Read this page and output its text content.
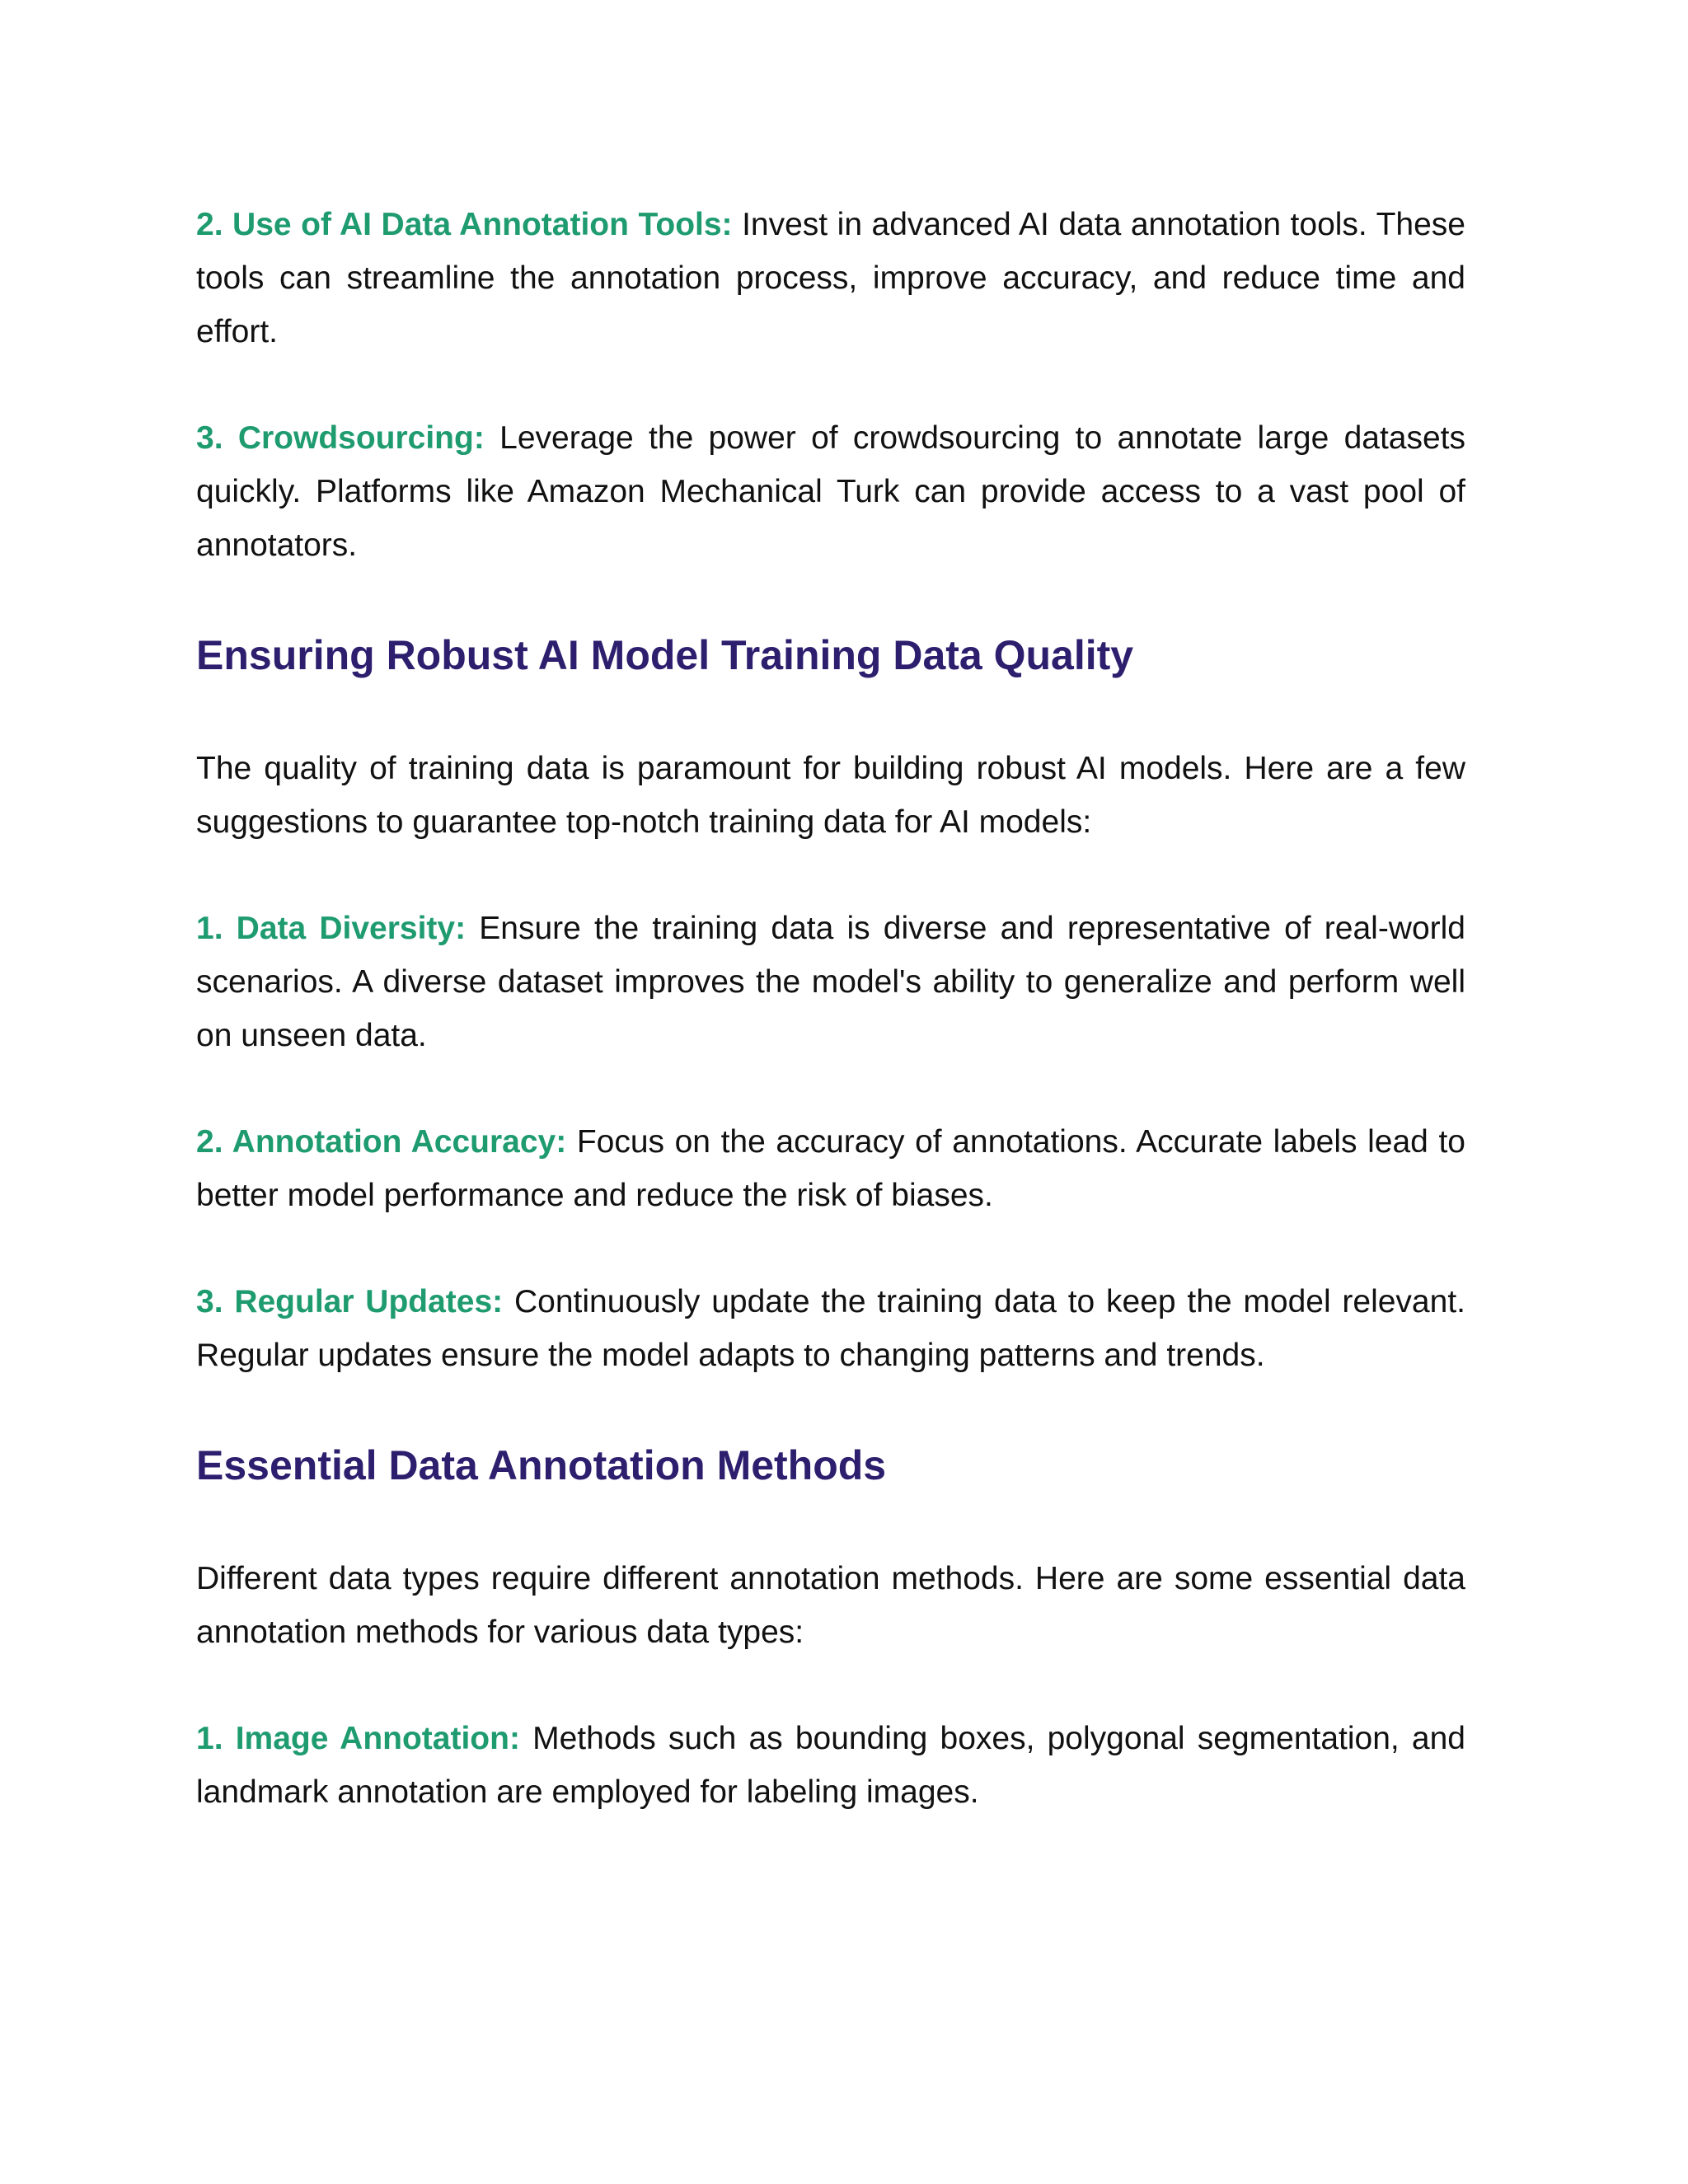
2. Use of AI Data Annotation Tools: Invest in advanced AI data annotation tools. These tools can streamline the annotation process, improve accuracy, and reduce time and effort.

3. Crowdsourcing: Leverage the power of crowdsourcing to annotate large datasets quickly. Platforms like Amazon Mechanical Turk can provide access to a vast pool of annotators.

Ensuring Robust AI Model Training Data Quality

The quality of training data is paramount for building robust AI models. Here are a few suggestions to guarantee top-notch training data for AI models:

1. Data Diversity: Ensure the training data is diverse and representative of real-world scenarios. A diverse dataset improves the model's ability to generalize and perform well on unseen data.

2. Annotation Accuracy: Focus on the accuracy of annotations. Accurate labels lead to better model performance and reduce the risk of biases.

3. Regular Updates: Continuously update the training data to keep the model relevant. Regular updates ensure the model adapts to changing patterns and trends.

Essential Data Annotation Methods

Different data types require different annotation methods. Here are some essential data annotation methods for various data types:

1. Image Annotation: Methods such as bounding boxes, polygonal segmentation, and landmark annotation are employed for labeling images.
